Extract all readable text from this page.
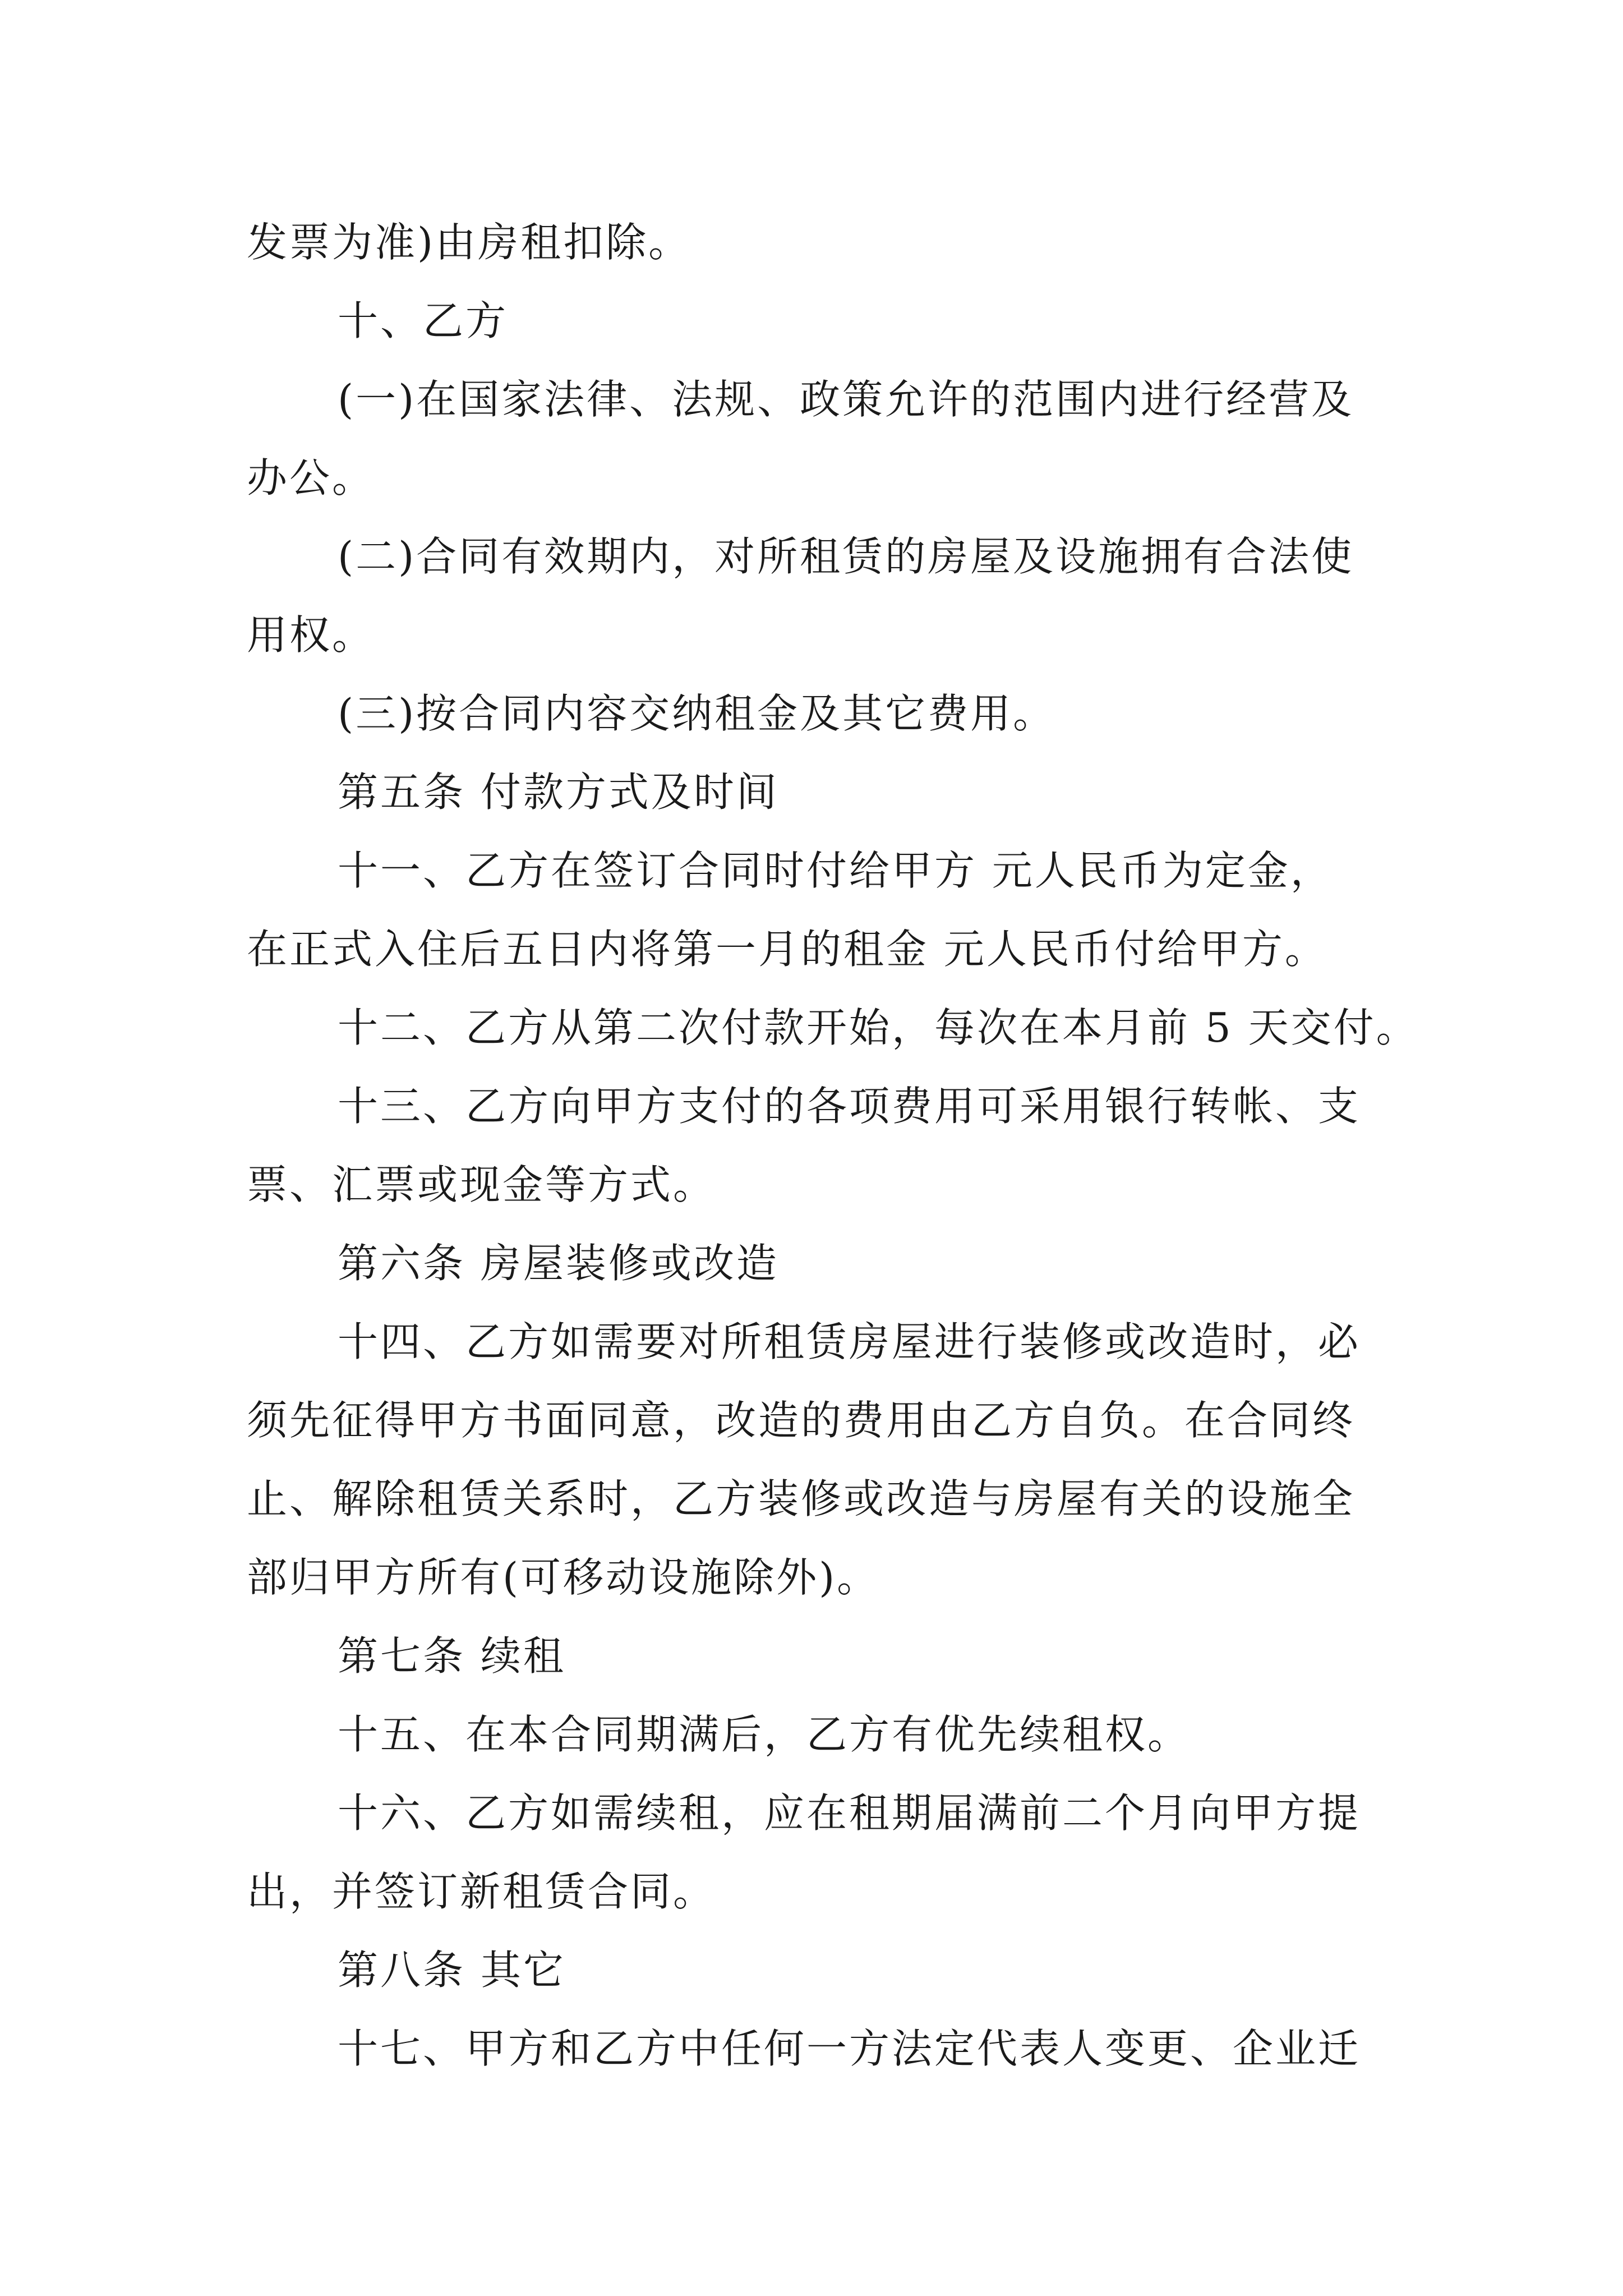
发票为准)由房租扣除。
十、乙方
(一)在国家法律、法规、政策允许的范围内进行经营及
办公。
(二)合同有效期内，对所租赁的房屋及设施拥有合法使
用权。
(三)按合同内容交纳租金及其它费用。
第五条 付款方式及时间
十一、乙方在签订合同时付给甲方 元人民币为定金，
在正式入住后五日内将第一月的租金 元人民币付给甲方。
十二、乙方从第二次付款开始，每次在本月前 5 天交付。
十三、乙方向甲方支付的各项费用可采用银行转帐、支
票、汇票或现金等方式。
第六条 房屋装修或改造
十四、乙方如需要对所租赁房屋进行装修或改造时，必
须先征得甲方书面同意，改造的费用由乙方自负。在合同终
止、解除租赁关系时，乙方装修或改造与房屋有关的设施全
部归甲方所有(可移动设施除外)。
第七条 续租
十五、在本合同期满后，乙方有优先续租权。
十六、乙方如需续租，应在租期届满前二个月向甲方提
出，并签订新租赁合同。
第八条 其它
十七、甲方和乙方中任何一方法定代表人变更、企业迁
